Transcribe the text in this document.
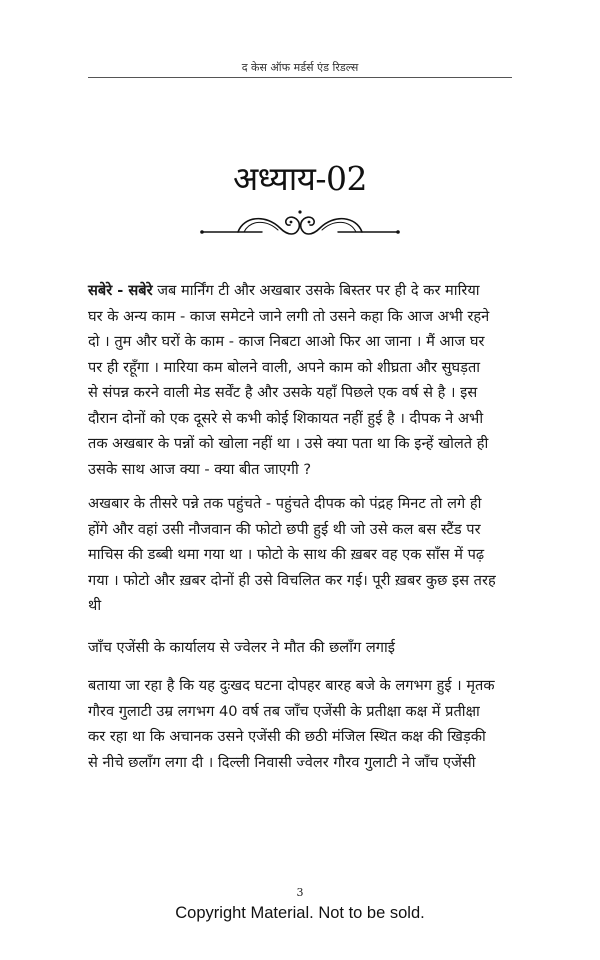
द केस ऑफ मर्डर्स एंड रिडल्स
अध्याय-02

सबेरे - सबेरे जब मार्निंग टी और अखबार उसके बिस्तर पर ही दे कर मारिया
घर के अन्य काम - काज समेटने जाने लगी तो उसने कहा कि आज अभी रहने
दो । तुम और घरों के काम - काज निबटा आओ फिर आ जाना । मैं आज घर
पर ही रहूँगा । मारिया कम बोलने वाली, अपने काम को शीघ्रता और सुघड़ता
से संपन्न करने वाली मेड सर्वेंट है और उसके यहाँ पिछले एक वर्ष से है । इस
दौरान दोनों को एक दूसरे से कभी कोई शिकायत नहीं हुई है । दीपक ने अभी
तक अखबार के पन्नों को खोला नहीं था । उसे क्या पता था कि इन्हें खोलते ही
उसके साथ आज क्या - क्या बीत जाएगी ?

अखबार के तीसरे पन्ने तक पहुंचते - पहुंचते दीपक को पंद्रह मिनट तो लगे ही
होंगे और वहां उसी नौजवान की फोटो छपी हुई थी जो उसे कल बस स्टैंड पर
माचिस की डब्बी थमा गया था । फोटो के साथ की ख़बर वह एक साँस में पढ़
गया । फोटो और ख़बर दोनों ही उसे विचलित कर गई। पूरी ख़बर कुछ इस तरह
थी

जाँच एजेंसी के कार्यालय से ज्वेलर ने मौत की छलाँग लगाई

बताया जा रहा है कि यह दुःखद घटना दोपहर बारह बजे के लगभग हुई । मृतक
गौरव गुलाटी उम्र लगभग 40 वर्ष तब जाँच एजेंसी के प्रतीक्षा कक्ष में प्रतीक्षा
कर रहा था कि अचानक उसने एजेंसी की छठी मंजिल स्थित कक्ष की खिड़की
से नीचे छलाँग लगा दी । दिल्ली निवासी ज्वेलर गौरव गुलाटी ने जाँच एजेंसी

3
Copyright Material. Not to be sold.
